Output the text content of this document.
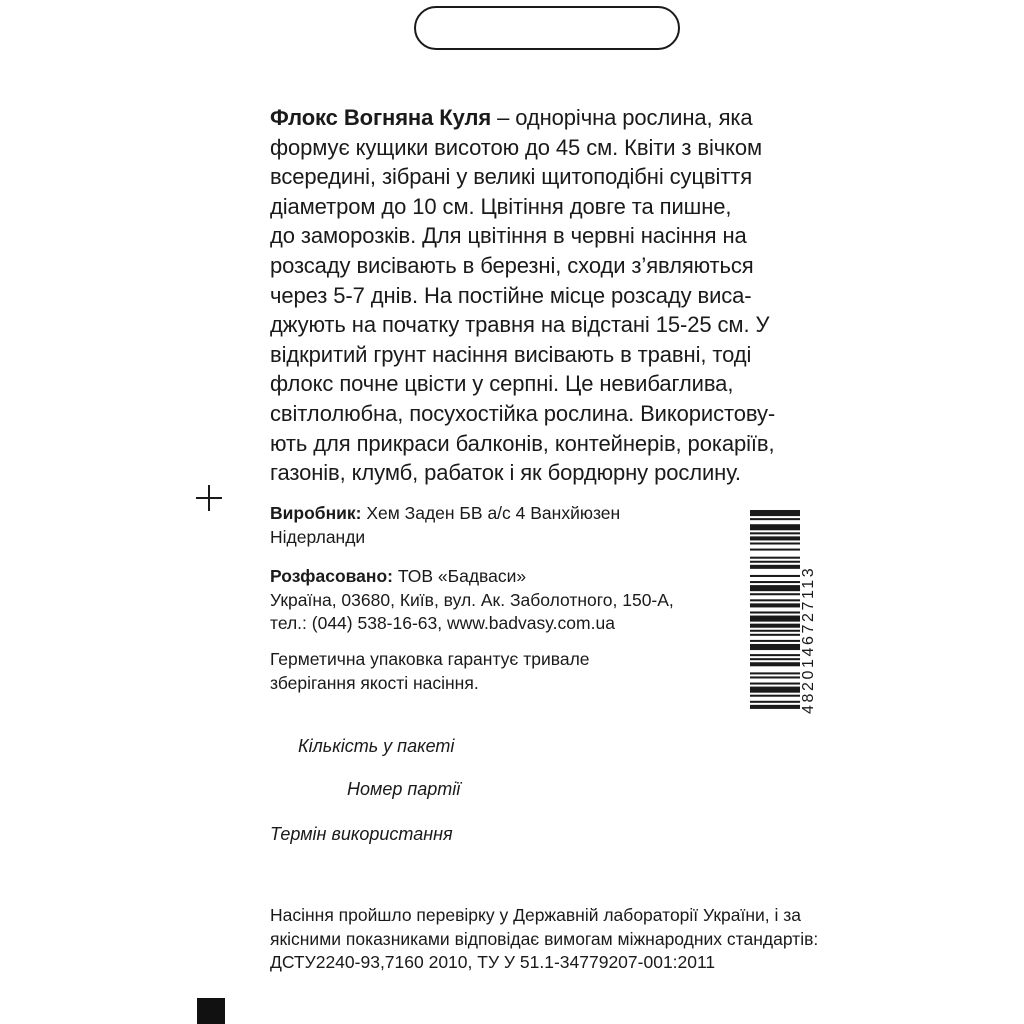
Флокс Вогняна Куля – однорічна рослина, яка
формує кущики висотою до 45 см. Квіти з вічком
всередині, зібрані у великі щитоподібні суцвіття
діаметром до 10 см. Цвітіння довге та пишне,
до заморозків. Для цвітіння в червні насіння на
розсаду висівають в березні, сходи з’являються
через 5-7 днів. На постійне місце розсаду виса-
джують на початку травня на відстані 15-25 см. У
відкритий грунт насіння висівають в травні, тоді
флокс почне цвісти у серпні. Це невибаглива,
світлолюбна, посухостійка рослина. Використову-
ють для прикраси балконів, контейнерів, рокаріїв,
газонів, клумб, рабаток і як бордюрну рослину.
Виробник: Хем Заден БВ а/с 4 Ванхйюзен
Нідерланди
Розфасовано: ТОВ «Бадваси»
Україна, 03680, Київ, вул. Ак. Заболотного, 150-А,
тел.: (044) 538-16-63, www.badvasy.com.ua
Герметична упаковка гарантує тривале
зберігання якості насіння.
Кількість у пакеті
Номер партії
Термін використання
Насіння пройшло перевірку у Державній лабораторії України, і за
якісними показниками відповідає вимогам міжнародних стандартів:
ДСТУ2240-93,7160 2010, ТУ У 51.1-34779207-001:2011
4820146727113
